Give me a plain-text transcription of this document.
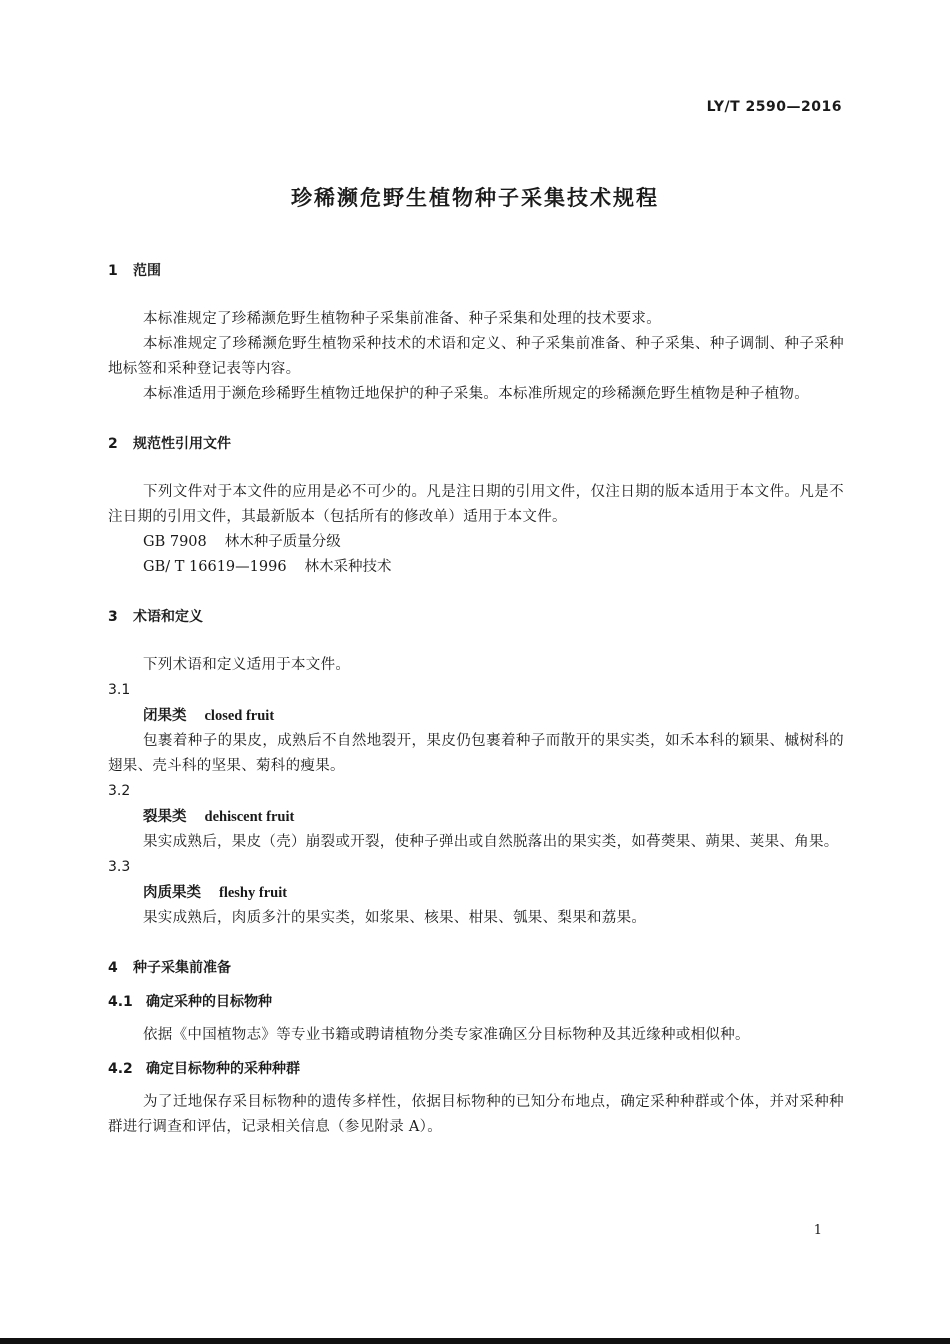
LY/T 2590—2016
珍稀濒危野生植物种子采集技术规程
1 范围
本标准规定了珍稀濒危野生植物种子采集前准备、种子采集和处理的技术要求。
本标准规定了珍稀濒危野生植物采种技术的术语和定义、种子采集前准备、种子采集、种子调制、种子采种地标签和采种登记表等内容。
本标准适用于濒危珍稀野生植物迁地保护的种子采集。本标准所规定的珍稀濒危野生植物是种子植物。
2 规范性引用文件
下列文件对于本文件的应用是必不可少的。凡是注日期的引用文件，仅注日期的版本适用于本文件。凡是不注日期的引用文件，其最新版本（包括所有的修改单）适用于本文件。
GB 7908 林木种子质量分级
GB/ T 16619—1996 林木采种技术
3 术语和定义
下列术语和定义适用于本文件。
3.1
闭果类 closed fruit
包裹着种子的果皮，成熟后不自然地裂开，果皮仍包裹着种子而散开的果实类，如禾本科的颖果、槭树科的翅果、壳斗科的坚果、菊科的瘦果。
3.2
裂果类 dehiscent fruit
果实成熟后，果皮（壳）崩裂或开裂，使种子弹出或自然脱落出的果实类，如蓇葖果、蒴果、荚果、角果。
3.3
肉质果类 fleshy fruit
果实成熟后，肉质多汁的果实类，如浆果、核果、柑果、瓠果、梨果和荔果。
4 种子采集前准备
4.1 确定采种的目标物种
依据《中国植物志》等专业书籍或聘请植物分类专家准确区分目标物种及其近缘种或相似种。
4.2 确定目标物种的采种种群
为了迁地保存采目标物种的遗传多样性，依据目标物种的已知分布地点，确定采种种群或个体，并对采种种群进行调查和评估，记录相关信息（参见附录 A）。
1
